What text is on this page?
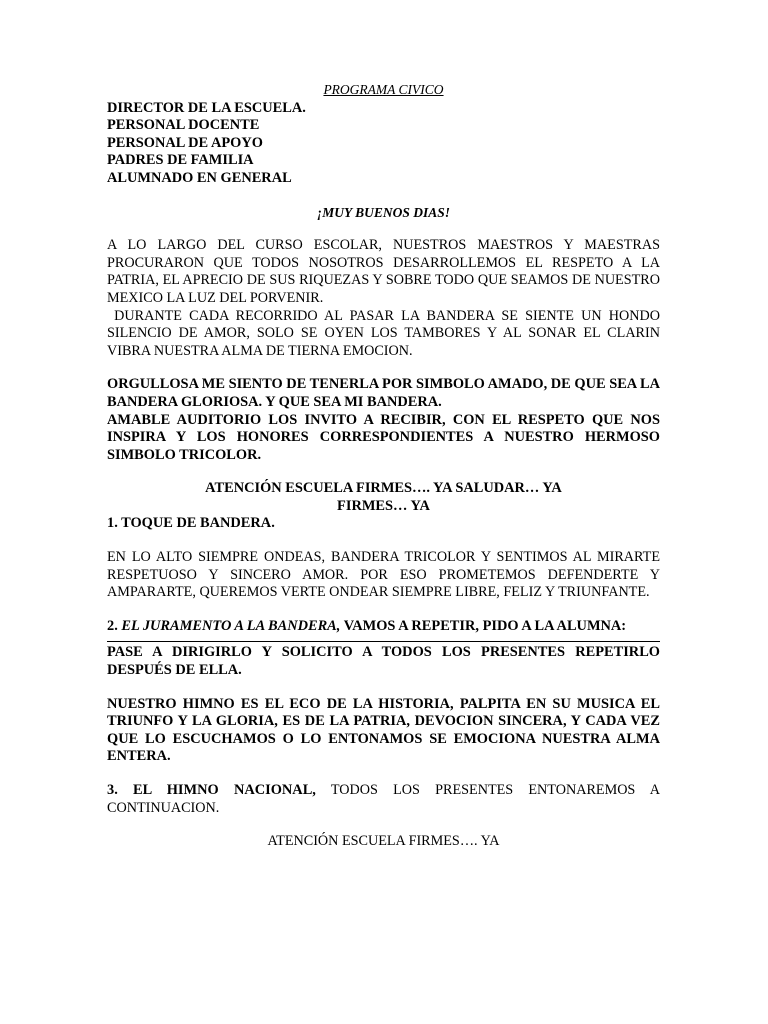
PROGRAMA CIVICO

DIRECTOR DE LA ESCUELA.
PERSONAL DOCENTE
PERSONAL DE APOYO
PADRES DE FAMILIA
ALUMNADO EN GENERAL

¡MUY BUENOS DIAS!

A LO LARGO DEL CURSO ESCOLAR, NUESTROS MAESTROS Y MAESTRAS PROCURARON QUE TODOS NOSOTROS DESARROLLEMOS EL RESPETO A LA PATRIA, EL APRECIO DE SUS RIQUEZAS Y SOBRE TODO QUE SEAMOS DE NUESTRO MEXICO LA LUZ DEL PORVENIR.

DURANTE CADA RECORRIDO AL PASAR LA BANDERA SE SIENTE UN HONDO SILENCIO DE AMOR, SOLO SE OYEN LOS TAMBORES Y AL SONAR EL CLARIN VIBRA NUESTRA ALMA DE TIERNA EMOCION.

ORGULLOSA ME SIENTO DE TENERLA POR SIMBOLO AMADO, DE QUE SEA LA BANDERA GLORIOSA. Y QUE SEA MI BANDERA.

AMABLE AUDITORIO LOS INVITO A RECIBIR, CON EL RESPETO QUE NOS INSPIRA Y LOS HONORES CORRESPONDIENTES A NUESTRO HERMOSO SIMBOLO TRICOLOR.

ATENCIÓN ESCUELA FIRMES…. YA SALUDAR… YA
FIRMES… YA

1. TOQUE DE BANDERA.

EN LO ALTO SIEMPRE ONDEAS, BANDERA TRICOLOR Y SENTIMOS AL MIRARTE RESPETUOSO Y SINCERO AMOR. POR ESO PROMETEMOS DEFENDERTE Y AMPARARTE, QUEREMOS VERTE ONDEAR SIEMPRE LIBRE, FELIZ Y TRIUNFANTE.

2. EL JURAMENTO A LA BANDERA, VAMOS A REPETIR, PIDO A LA ALUMNA:

PASE A DIRIGIRLO Y SOLICITO A TODOS LOS PRESENTES REPETIRLO DESPUÉS DE ELLA.

NUESTRO HIMNO ES EL ECO DE LA HISTORIA, PALPITA EN SU MUSICA EL TRIUNFO Y LA GLORIA, ES DE LA PATRIA, DEVOCION SINCERA, Y CADA VEZ QUE LO ESCUCHAMOS O LO ENTONAMOS SE EMOCIONA NUESTRA ALMA ENTERA.

3. EL HIMNO NACIONAL, TODOS LOS PRESENTES ENTONAREMOS A CONTINUACION.

ATENCIÓN ESCUELA FIRMES…. YA
